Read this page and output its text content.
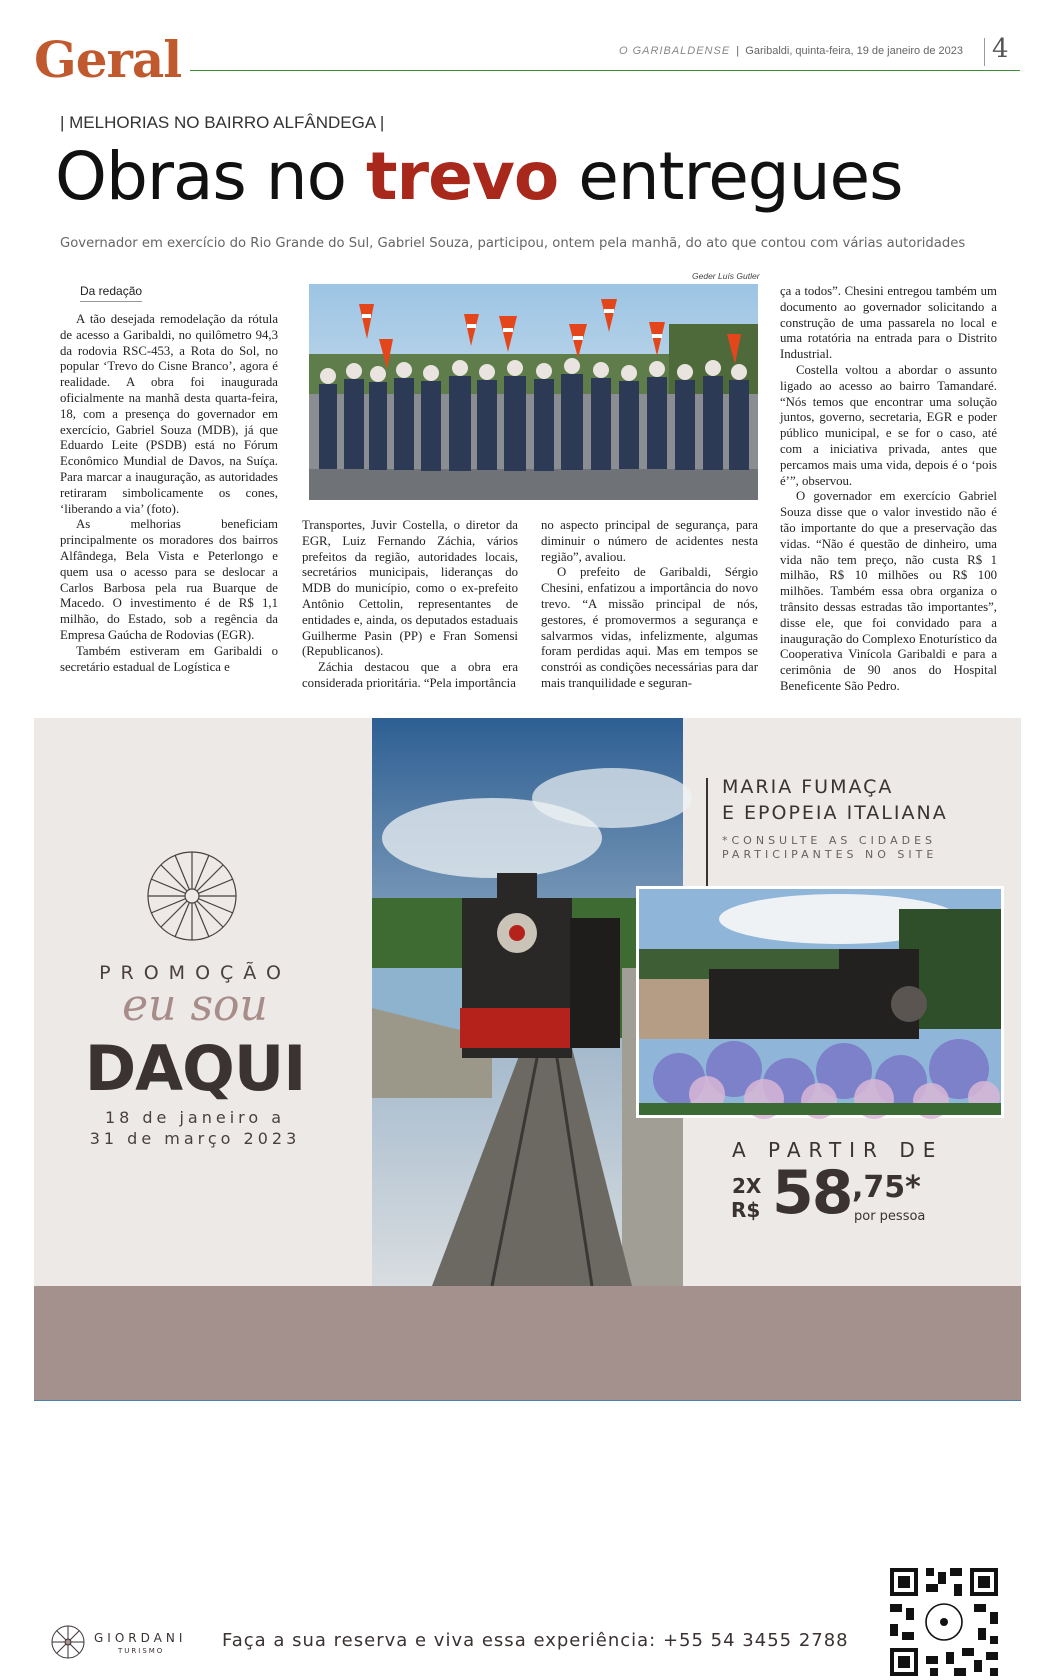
Geral	O GARIBALDENSE  |  Garibaldi, quinta-feira, 19 de janeiro de 2023 4
| MELHORIAS NO BAIRRO ALFÂNDEGA |
Obras no trevo entregues
Governador em exercício do Rio Grande do Sul, Gabriel Souza, participou, ontem pela manhã, do ato que contou com várias autoridades
Da redação
Geder Luís Gutler

A tão desejada remodelação da rótula de acesso a Garibaldi, no quilômetro 94,3 da rodovia RSC-453, a Rota do Sol, no popular ‘Trevo do Cisne Branco’, agora é realidade. A obra foi inaugurada oficialmente na manhã desta quarta-feira, 18, com a presença do governador em exercício, Gabriel Souza (MDB), já que Eduardo Leite (PSDB) está no Fórum Econômico Mundial de Davos, na Suíça. Para marcar a inauguração, as autoridades retiraram simbolicamente os cones, ‘liberando a via’ (foto).

As melhorias beneficiam principalmente os moradores dos bairros Alfândega, Bela Vista e Peterlongo e quem usa o acesso para se deslocar a Carlos Barbosa pela rua Buarque de Macedo. O investimento é de R$ 1,1 milhão, do Estado, sob a regência da Empresa Gaúcha de Rodovias (EGR).

Também estiveram em Garibaldi o secretário estadual de Logística e

Transportes, Juvir Costella, o diretor da EGR, Luiz Fernando Záchia, vários prefeitos da região, autoridades locais, secretários municipais, lideranças do MDB do município, como o ex-prefeito Antônio Cettolin, representantes de entidades e, ainda, os deputados estaduais Guilherme Pasin (PP) e Fran Somensi (Republicanos).

Záchia destacou que a obra era considerada prioritária. “Pela importância

no aspecto principal de segurança, para diminuir o número de acidentes nesta região”, avaliou.

O prefeito de Garibaldi, Sérgio Chesini, enfatizou a importância do novo trevo. “A missão principal de nós, gestores, é promovermos a segurança e salvarmos vidas, infelizmente, algumas foram perdidas aqui. Mas em tempos se constrói as condições necessárias para dar mais tranquilidade e seguran-

ça a todos”. Chesini entregou também um documento ao governador solicitando a construção de uma passarela no local e uma rotatória na entrada para o Distrito Industrial.

Costella voltou a abordar o assunto ligado ao acesso ao bairro Tamandaré. “Nós temos que encontrar uma solução juntos, governo, secretaria, EGR e poder público municipal, e se for o caso, até com a iniciativa privada, antes que percamos mais uma vida, depois é o ‘pois é’”, observou.

O governador em exercício Gabriel Souza disse que o valor investido não é tão importante do que a preservação das vidas. “Não é questão de dinheiro, uma vida não tem preço, não custa R$ 1 milhão, R$ 10 milhões ou R$ 100 milhões. Também essa obra organiza o trânsito dessas estradas tão importantes”, disse ele, que foi convidado para a inauguração do Complexo Enoturístico da Cooperativa Vinícola Garibaldi e para a cerimônia de 90 anos do Hospital Beneficente São Pedro.

PROMOÇÃO
eu sou
DAQUI
18 de janeiro a
31 de março 2023
MARIA FUMAÇA
E EPOPEIA ITALIANA
*CONSULTE AS CIDADES
PARTICIPANTES NO SITE
A PARTIR DE
2X
R$ 58 ,75*
por pessoa
GIORDANI
TURISMO	Faça a sua reserva e viva essa experiência: +55 54 3455 2788
